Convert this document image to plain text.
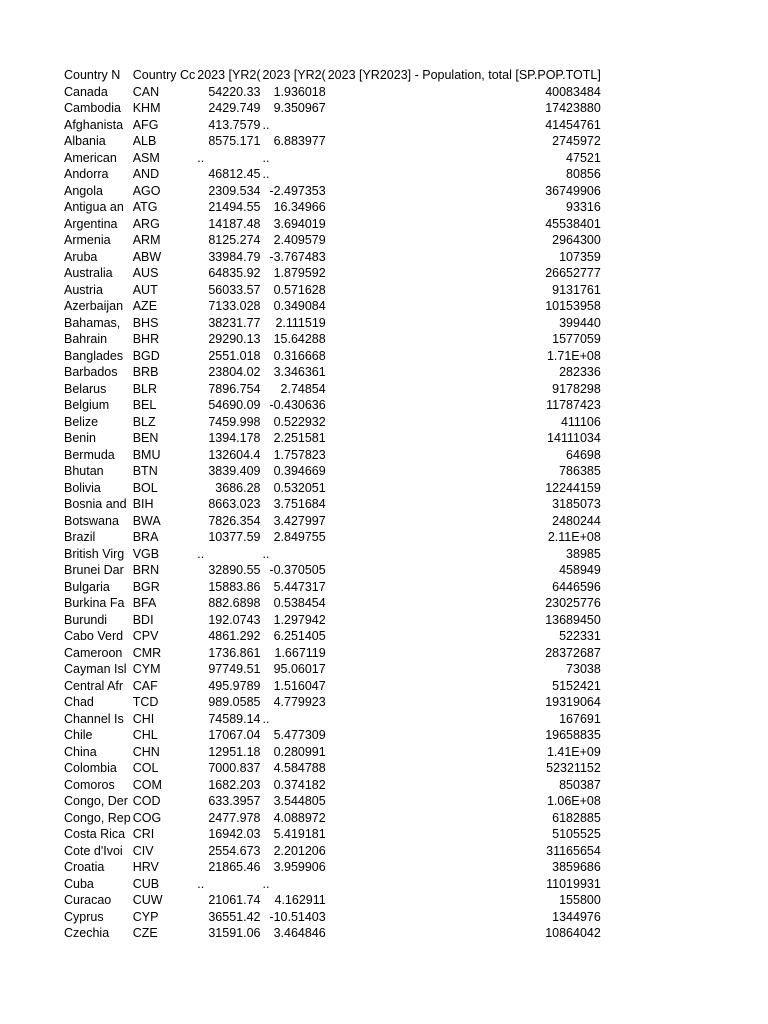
Country N	Country Cc	2023 [YR2(	2023 [YR2(	2023 [YR2023] - Population, total [SP.POP.TOTL]
Canada	CAN	54220.33	1.936018	40083484
Cambodia	KHM	2429.749	9.350967	17423880
Afghanista	AFG	413.7579	..	41454761
Albania	ALB	8575.171	6.883977	2745972
American	ASM	..	..	47521
Andorra	AND	46812.45	..	80856
Angola	AGO	2309.534	-2.497353	36749906
Antigua an	ATG	21494.55	16.34966	93316
Argentina	ARG	14187.48	3.694019	45538401
Armenia	ARM	8125.274	2.409579	2964300
Aruba	ABW	33984.79	-3.767483	107359
Australia	AUS	64835.92	1.879592	26652777
Austria	AUT	56033.57	0.571628	9131761
Azerbaijan	AZE	7133.028	0.349084	10153958
Bahamas,	BHS	38231.77	2.111519	399440
Bahrain	BHR	29290.13	15.64288	1577059
Banglades	BGD	2551.018	0.316668	1.71E+08
Barbados	BRB	23804.02	3.346361	282336
Belarus	BLR	7896.754	2.74854	9178298
Belgium	BEL	54690.09	-0.430636	11787423
Belize	BLZ	7459.998	0.522932	411106
Benin	BEN	1394.178	2.251581	14111034
Bermuda	BMU	132604.4	1.757823	64698
Bhutan	BTN	3839.409	0.394669	786385
Bolivia	BOL	3686.28	0.532051	12244159
Bosnia and	BIH	8663.023	3.751684	3185073
Botswana	BWA	7826.354	3.427997	2480244
Brazil	BRA	10377.59	2.849755	2.11E+08
British Virg	VGB	..	..	38985
Brunei Dar	BRN	32890.55	-0.370505	458949
Bulgaria	BGR	15883.86	5.447317	6446596
Burkina Fa	BFA	882.6898	0.538454	23025776
Burundi	BDI	192.0743	1.297942	13689450
Cabo Verd	CPV	4861.292	6.251405	522331
Cameroon	CMR	1736.861	1.667119	28372687
Cayman Isl	CYM	97749.51	95.06017	73038
Central Afr	CAF	495.9789	1.516047	5152421
Chad	TCD	989.0585	4.779923	19319064
Channel Is	CHI	74589.14	..	167691
Chile	CHL	17067.04	5.477309	19658835
China	CHN	12951.18	0.280991	1.41E+09
Colombia	COL	7000.837	4.584788	52321152
Comoros	COM	1682.203	0.374182	850387
Congo, Der	COD	633.3957	3.544805	1.06E+08
Congo, Rep	COG	2477.978	4.088972	6182885
Costa Rica	CRI	16942.03	5.419181	5105525
Cote d'Ivoi	CIV	2554.673	2.201206	31165654
Croatia	HRV	21865.46	3.959906	3859686
Cuba	CUB	..	..	11019931
Curacao	CUW	21061.74	4.162911	155800
Cyprus	CYP	36551.42	-10.51403	1344976
Czechia	CZE	31591.06	3.464846	10864042
